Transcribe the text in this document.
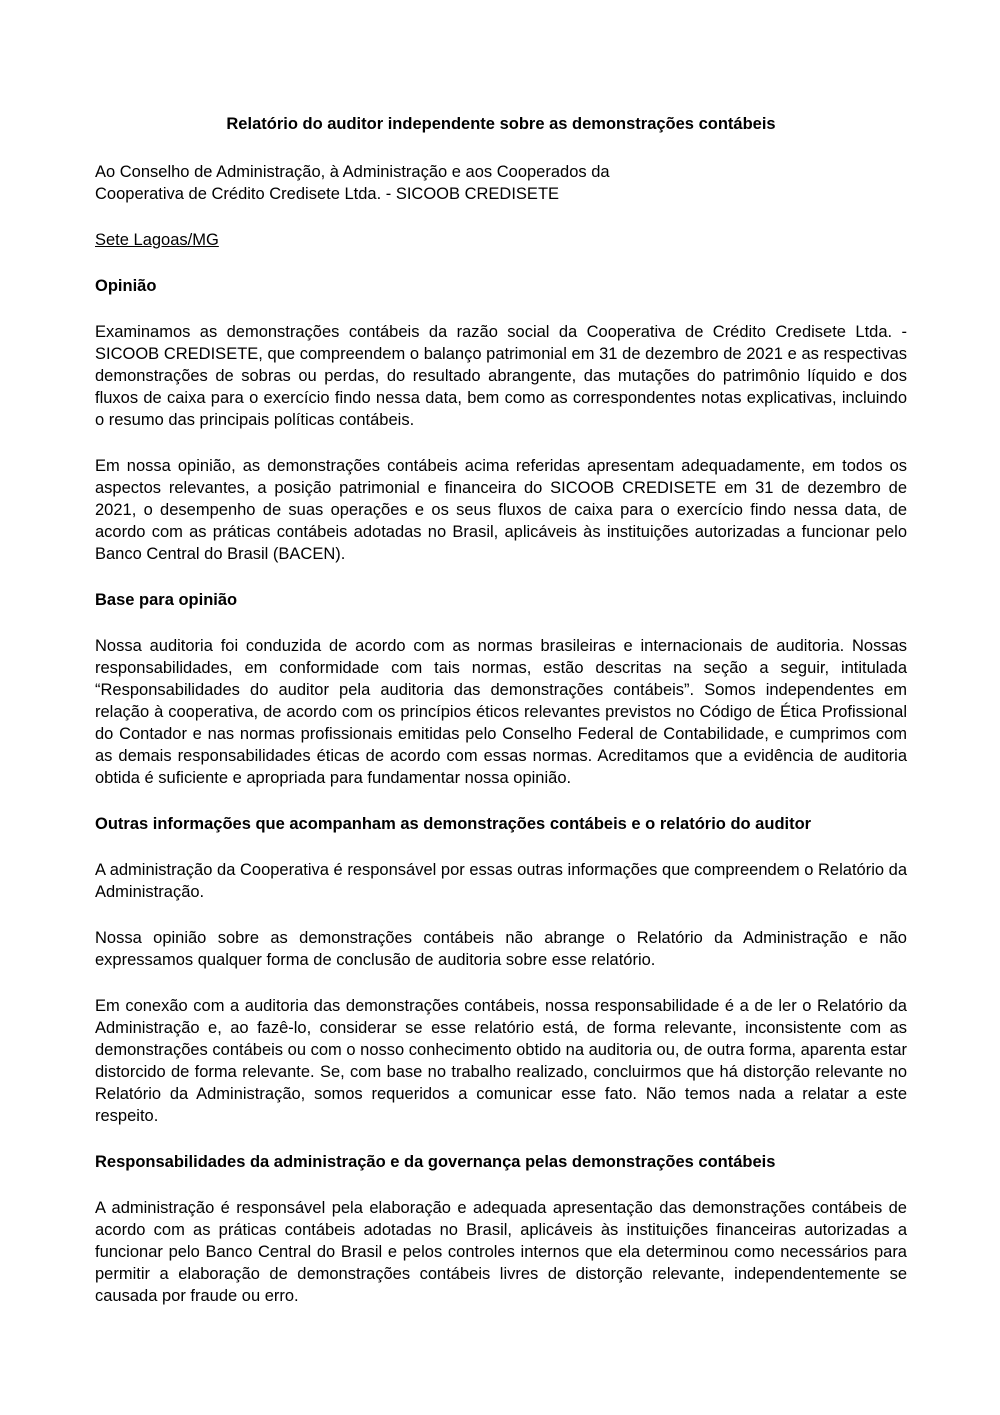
Relatório do auditor independente sobre as demonstrações contábeis
Ao Conselho de Administração, à Administração e aos Cooperados da
Cooperativa de Crédito Credisete Ltda. - SICOOB CREDISETE
Sete Lagoas/MG
Opinião

Examinamos as demonstrações contábeis da razão social da Cooperativa de Crédito Credisete Ltda. - SICOOB CREDISETE, que compreendem o balanço patrimonial em 31 de dezembro de 2021 e as respectivas demonstrações de sobras ou perdas, do resultado abrangente, das mutações do patrimônio líquido e dos fluxos de caixa para o exercício findo nessa data, bem como as correspondentes notas explicativas, incluindo o resumo das principais políticas contábeis.

Em nossa opinião, as demonstrações contábeis acima referidas apresentam adequadamente, em todos os aspectos relevantes, a posição patrimonial e financeira do SICOOB CREDISETE em 31 de dezembro de 2021, o desempenho de suas operações e os seus fluxos de caixa para o exercício findo nessa data, de acordo com as práticas contábeis adotadas no Brasil, aplicáveis às instituições autorizadas a funcionar pelo Banco Central do Brasil (BACEN).

Base para opinião

Nossa auditoria foi conduzida de acordo com as normas brasileiras e internacionais de auditoria. Nossas responsabilidades, em conformidade com tais normas, estão descritas na seção a seguir, intitulada “Responsabilidades do auditor pela auditoria das demonstrações contábeis”. Somos independentes em relação à cooperativa, de acordo com os princípios éticos relevantes previstos no Código de Ética Profissional do Contador e nas normas profissionais emitidas pelo Conselho Federal de Contabilidade, e cumprimos com as demais responsabilidades éticas de acordo com essas normas. Acreditamos que a evidência de auditoria obtida é suficiente e apropriada para fundamentar nossa opinião.

Outras informações que acompanham as demonstrações contábeis e o relatório do auditor

A administração da Cooperativa é responsável por essas outras informações que compreendem o Relatório da Administração.

Nossa opinião sobre as demonstrações contábeis não abrange o Relatório da Administração e não expressamos qualquer forma de conclusão de auditoria sobre esse relatório.

Em conexão com a auditoria das demonstrações contábeis, nossa responsabilidade é a de ler o Relatório da Administração e, ao fazê-lo, considerar se esse relatório está, de forma relevante, inconsistente com as demonstrações contábeis ou com o nosso conhecimento obtido na auditoria ou, de outra forma, aparenta estar distorcido de forma relevante. Se, com base no trabalho realizado, concluirmos que há distorção relevante no Relatório da Administração, somos requeridos a comunicar esse fato. Não temos nada a relatar a este respeito.

Responsabilidades da administração e da governança pelas demonstrações contábeis

A administração é responsável pela elaboração e adequada apresentação das demonstrações contábeis de acordo com as práticas contábeis adotadas no Brasil, aplicáveis às instituições financeiras autorizadas a funcionar pelo Banco Central do Brasil e pelos controles internos que ela determinou como necessários para permitir a elaboração de demonstrações contábeis livres de distorção relevante, independentemente se causada por fraude ou erro.
